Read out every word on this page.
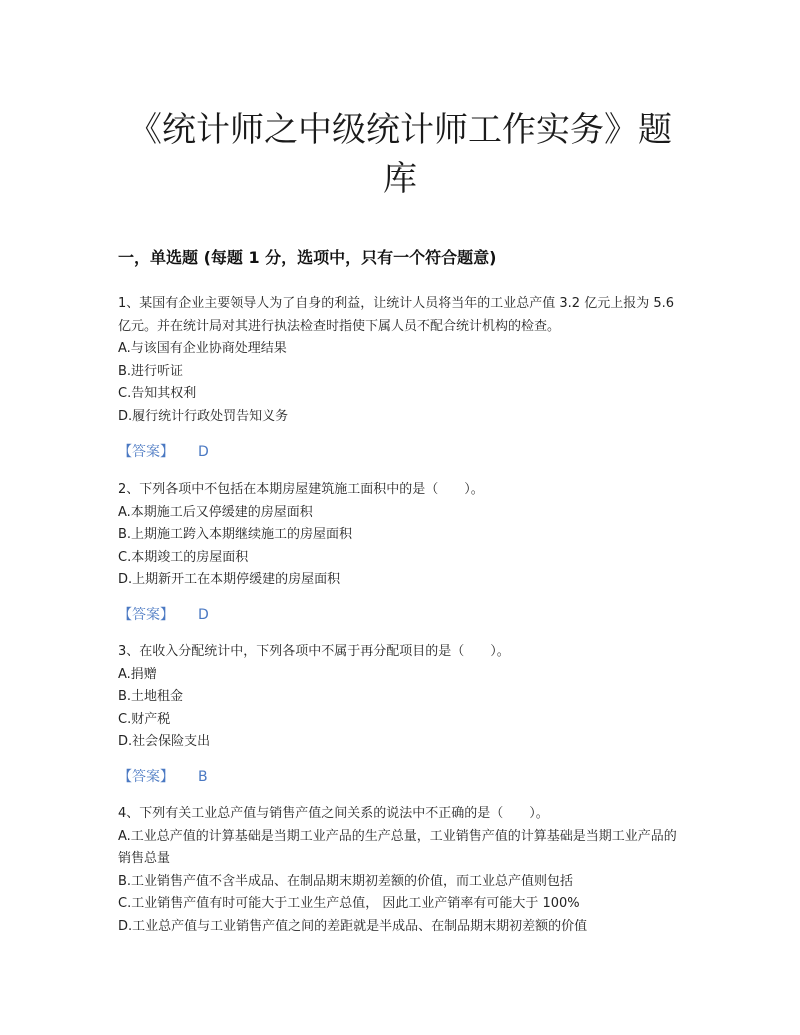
《统计师之中级统计师工作实务》题
库
一，单选题 (每题 1 分，选项中，只有一个符合题意)
1、某国有企业主要领导人为了自身的利益，让统计人员将当年的工业总产值 3.2 亿元上报为 5.6 亿元。并在统计局对其进行执法检查时指使下属人员不配合统计机构的检查。
A.与该国有企业协商处理结果
B.进行听证
C.告知其权利
D.履行统计行政处罚告知义务
【答案】 D
2、下列各项中不包括在本期房屋建筑施工面积中的是（　　）。
A.本期施工后又停缓建的房屋面积
B.上期施工跨入本期继续施工的房屋面积
C.本期竣工的房屋面积
D.上期新开工在本期停缓建的房屋面积
【答案】 D
3、在收入分配统计中，下列各项中不属于再分配项目的是（　　）。
A.捐赠
B.土地租金
C.财产税
D.社会保险支出
【答案】 B
4、下列有关工业总产值与销售产值之间关系的说法中不正确的是（　　）。
A.工业总产值的计算基础是当期工业产品的生产总量，工业销售产值的计算基础是当期工业产品的销售总量
B.工业销售产值不含半成品、在制品期末期初差额的价值，而工业总产值则包括
C.工业销售产值有时可能大于工业生产总值， 因此工业产销率有可能大于 100%
D.工业总产值与工业销售产值之间的差距就是半成品、在制品期末期初差额的价值
